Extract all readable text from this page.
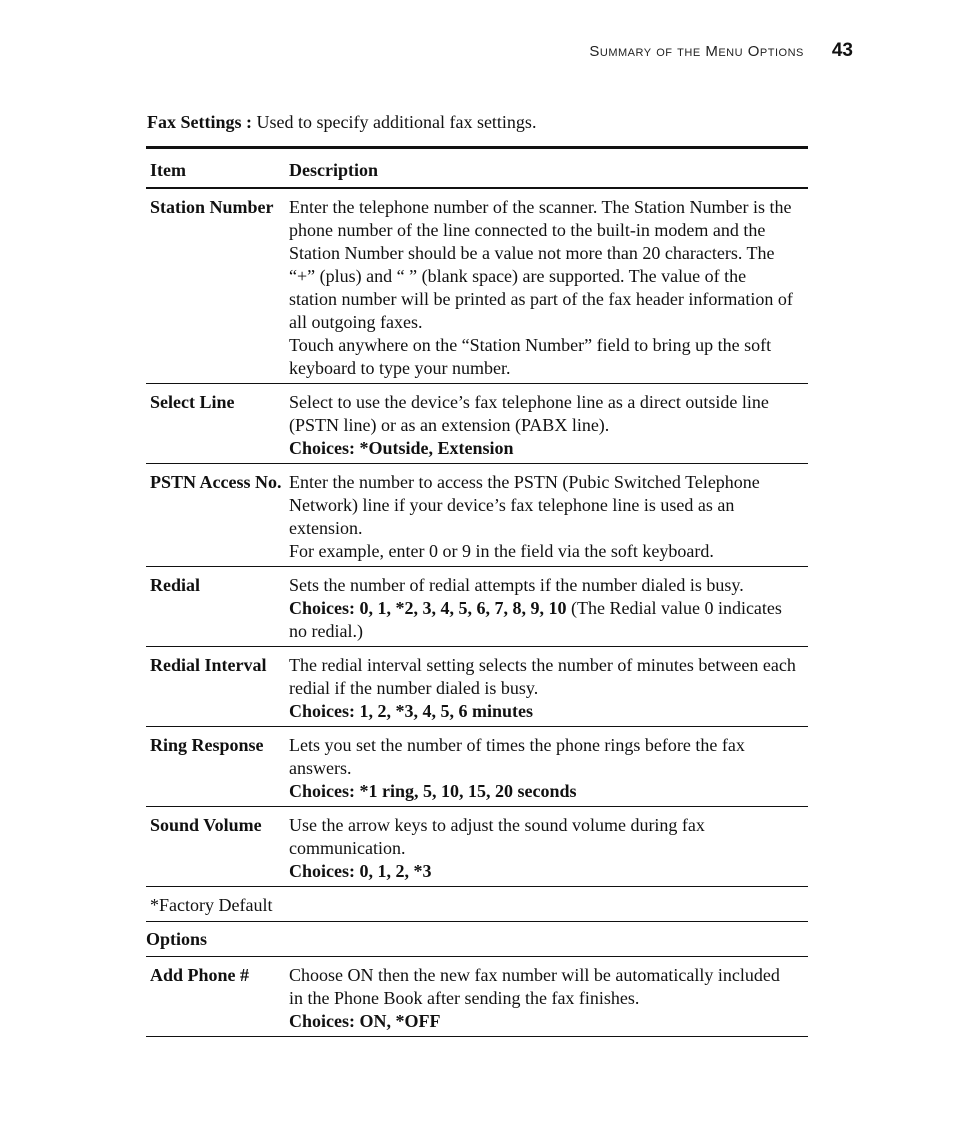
Summary of the Menu Options 43
Fax Settings : Used to specify additional fax settings.
Item	Description
Station Number	Enter the telephone number of the scanner. The Station Number is the phone number of the line connected to the built-in modem and the Station Number should be a value not more than 20 characters. The “+” (plus) and “ ” (blank space) are supported. The value of the station number will be printed as part of the fax header information of all outgoing faxes.
Touch anywhere on the “Station Number” field to bring up the soft keyboard to type your number.

Select Line	Select to use the device’s fax telephone line as a direct outside line (PSTN line) or as an extension (PABX line).
Choices: *Outside, Extension

PSTN Access No.	Enter the number to access the PSTN (Pubic Switched Telephone Network) line if your device’s fax telephone line is used as an extension.
For example, enter 0 or 9 in the field via the soft keyboard.

Redial	Sets the number of redial attempts if the number dialed is busy.
Choices: 0, 1, *2, 3, 4, 5, 6, 7, 8, 9, 10 (The Redial value 0 indicates no redial.)

Redial Interval	The redial interval setting selects the number of minutes between each redial if the number dialed is busy.
Choices: 1, 2, *3, 4, 5, 6 minutes

Ring Response	Lets you set the number of times the phone rings before the fax answers.
Choices: *1 ring, 5, 10, 15, 20 seconds

Sound Volume	Use the arrow keys to adjust the sound volume during fax communication.
Choices: 0, 1, 2, *3

*Factory Default	
Options	
Add Phone #	Choose ON then the new fax number will be automatically included in the Phone Book after sending the fax finishes.
Choices: ON, *OFF
